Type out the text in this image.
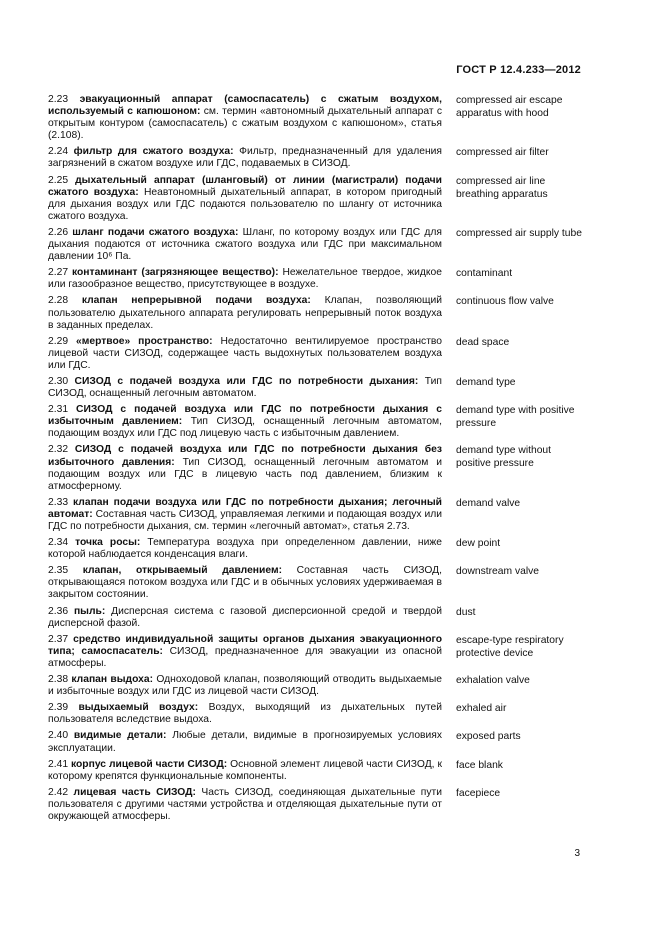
ГОСТ Р 12.4.233—2012
2.23 эвакуационный аппарат (самоспасатель) с сжатым воздухом, используемый с капюшоном: см. термин «автономный дыхательный аппарат с открытым контуром (самоспасатель) с сжатым воздухом с капюшоном», статья (2.108).
compressed air escape apparatus with hood
2.24 фильтр для сжатого воздуха: Фильтр, предназначенный для удаления загрязнений в сжатом воздухе или ГДС, подаваемых в СИЗОД.
compressed air filter
2.25 дыхательный аппарат (шланговый) от линии (магистрали) подачи сжатого воздуха: Неавтономный дыхательный аппарат, в котором пригодный для дыхания воздух или ГДС подаются пользователю по шлангу от источника сжатого воздуха.
compressed air line breathing apparatus
2.26 шланг подачи сжатого воздуха: Шланг, по которому воздух или ГДС для дыхания подаются от источника сжатого воздуха или ГДС при максимальном давлении 10⁶ Па.
compressed air supply tube
2.27 контаминант (загрязняющее вещество): Нежелательное твердое, жидкое или газообразное вещество, присутствующее в воздухе.
contaminant
2.28 клапан непрерывной подачи воздуха: Клапан, позволяющий пользователю дыхательного аппарата регулировать непрерывный поток воздуха в заданных пределах.
continuous flow valve
2.29 «мертвое» пространство: Недостаточно вентилируемое пространство лицевой части СИЗОД, содержащее часть выдохнутых пользователем воздуха или ГДС.
dead space
2.30 СИЗОД с подачей воздуха или ГДС по потребности дыхания: Тип СИЗОД, оснащенный легочным автоматом.
demand type
2.31 СИЗОД с подачей воздуха или ГДС по потребности дыхания с избыточным давлением: Тип СИЗОД, оснащенный легочным автоматом, подающим воздух или ГДС под лицевую часть с избыточным давлением.
demand type with positive pressure
2.32 СИЗОД с подачей воздуха или ГДС по потребности дыхания без избыточного давления: Тип СИЗОД, оснащенный легочным автоматом и подающим воздух или ГДС в лицевую часть под давлением, близким к атмосферному.
demand type without positive pressure
2.33 клапан подачи воздуха или ГДС по потребности дыхания; легочный автомат: Составная часть СИЗОД, управляемая легкими и подающая воздух или ГДС по потребности дыхания, см. термин «легочный автомат», статья 2.73.
demand valve
2.34 точка росы: Температура воздуха при определенном давлении, ниже которой наблюдается конденсация влаги.
dew point
2.35 клапан, открываемый давлением: Составная часть СИЗОД, открывающаяся потоком воздуха или ГДС и в обычных условиях удерживаемая в закрытом состоянии.
downstream valve
2.36 пыль: Дисперсная система с газовой дисперсионной средой и твердой дисперсной фазой.
dust
2.37 средство индивидуальной защиты органов дыхания эвакуационного типа; самоспасатель: СИЗОД, предназначенное для эвакуации из опасной атмосферы.
escape-type respiratory protective device
2.38 клапан выдоха: Одноходовой клапан, позволяющий отводить выдыхаемые и избыточные воздух или ГДС из лицевой части СИЗОД.
exhalation valve
2.39 выдыхаемый воздух: Воздух, выходящий из дыхательных путей пользователя вследствие выдоха.
exhaled air
2.40 видимые детали: Любые детали, видимые в прогнозируемых условиях эксплуатации.
exposed parts
2.41 корпус лицевой части СИЗОД: Основной элемент лицевой части СИЗОД, к которому крепятся функциональные компоненты.
face blank
2.42 лицевая часть СИЗОД: Часть СИЗОД, соединяющая дыхательные пути пользователя с другими частями устройства и отделяющая дыхательные пути от окружающей атмосферы.
facepiece
3
